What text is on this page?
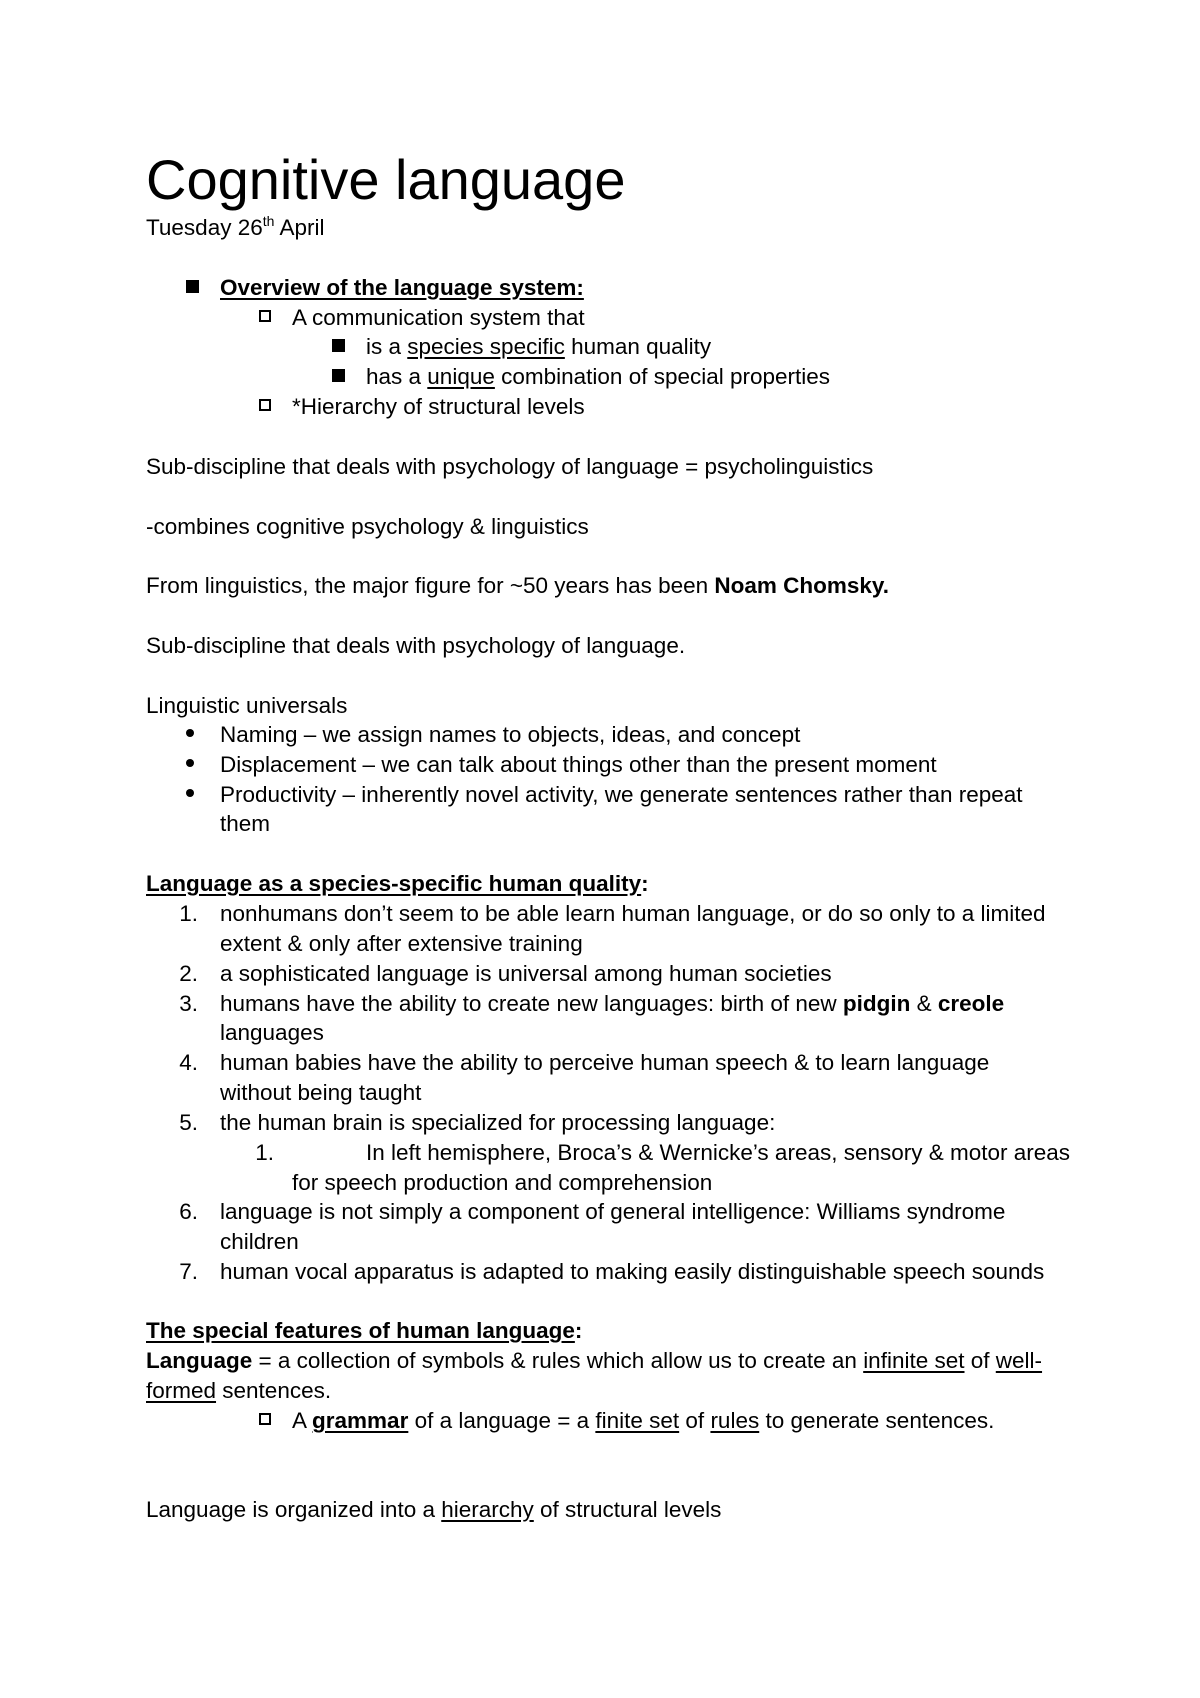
Cognitive language
Tuesday 26th April
Overview of the language system:
A communication system that
is a species specific human quality
has a unique combination of special properties
*Hierarchy of structural levels
Sub-discipline that deals with psychology of language = psycholinguistics
-combines cognitive psychology & linguistics
From linguistics, the major figure for ~50 years has been Noam Chomsky.
Sub-discipline that deals with psychology of language.
Linguistic universals
Naming – we assign names to objects, ideas, and concept
Displacement – we can talk about things other than the present moment
Productivity – inherently novel activity, we generate sentences rather than repeat
them
Language as a species-specific human quality:
1. nonhumans don’t seem to be able learn human language, or do so only to a limited
extent & only after extensive training
2. a sophisticated language is universal among human societies
3. humans have the ability to create new languages: birth of new pidgin & creole
languages
4. human babies have the ability to perceive human speech & to learn language
without being taught
5. the human brain is specialized for processing language:
1.	In left hemisphere, Broca’s & Wernicke’s areas, sensory & motor areas
for speech production and comprehension
6. language is not simply a component of general intelligence: Williams syndrome
children
7. human vocal apparatus is adapted to making easily distinguishable speech sounds
The special features of human language:
Language = a collection of symbols & rules which allow us to create an infinite set of well-
formed sentences.
A grammar of a language = a finite set of rules to generate sentences.
Language is organized into a hierarchy of structural levels
